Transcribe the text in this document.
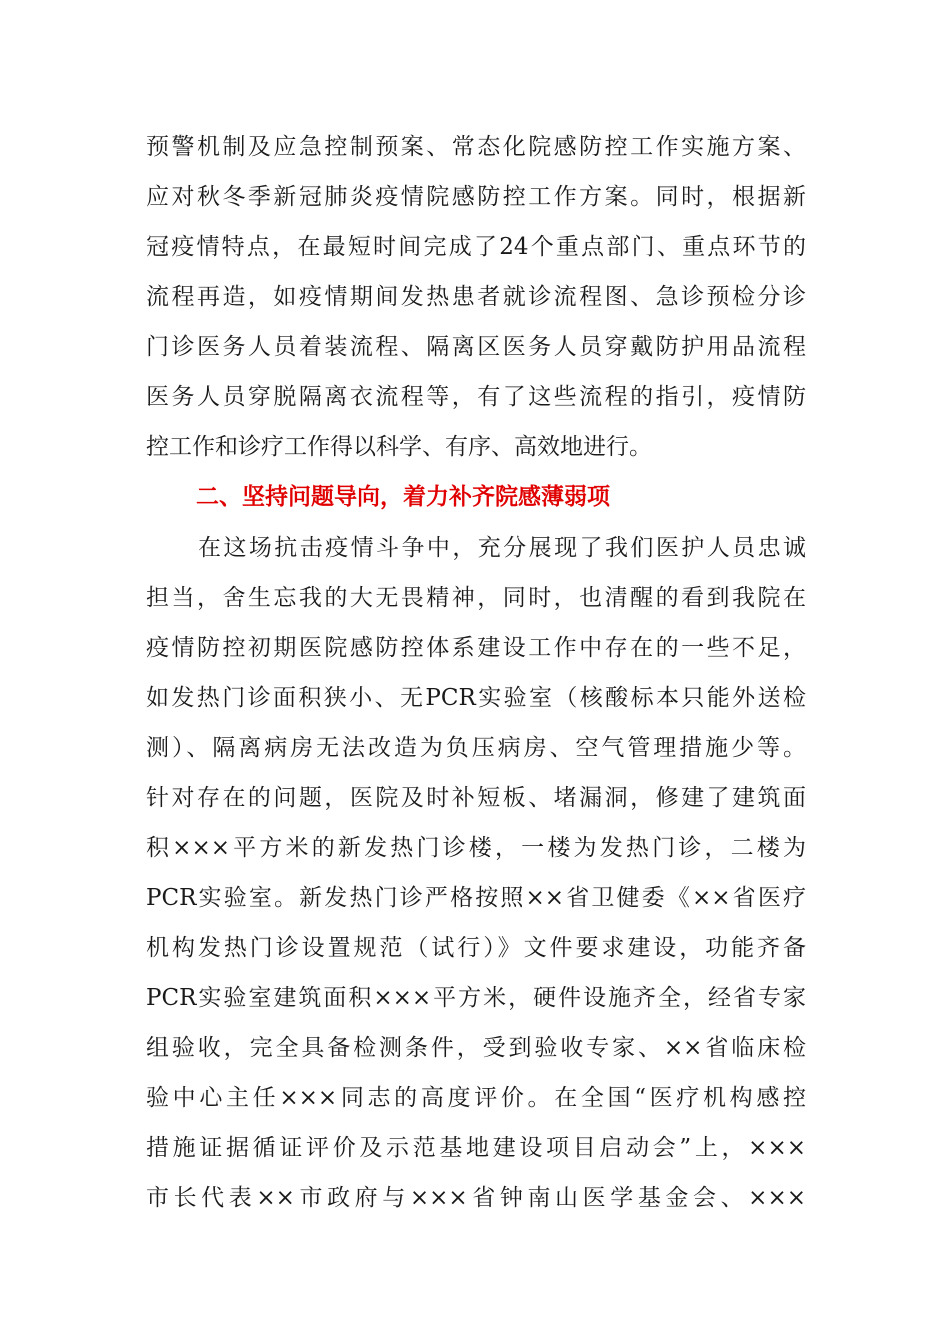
预警机制及应急控制预案、常态化院感防控工作实施方案、
应对秋冬季新冠肺炎疫情院感防控工作方案。同时，根据新
冠疫情特点，在最短时间完成了24个重点部门、重点环节的
流程再造，如疫情期间发热患者就诊流程图、急诊预检分诊
门诊医务人员着装流程、隔离区医务人员穿戴防护用品流程
医务人员穿脱隔离衣流程等，有了这些流程的指引，疫情防
控工作和诊疗工作得以科学、有序、高效地进行。
二、坚持问题导向，着力补齐院感薄弱项
在这场抗击疫情斗争中，充分展现了我们医护人员忠诚
担当，舍生忘我的大无畏精神，同时，也清醒的看到我院在
疫情防控初期医院感防控体系建设工作中存在的一些不足，
如发热门诊面积狭小、无PCR实验室（核酸标本只能外送检
测）、隔离病房无法改造为负压病房、空气管理措施少等。
针对存在的问题，医院及时补短板、堵漏洞，修建了建筑面
积×××平方米的新发热门诊楼，一楼为发热门诊，二楼为
PCR实验室。新发热门诊严格按照××省卫健委《××省医疗
机构发热门诊设置规范（试行）》文件要求建设，功能齐备
PCR实验室建筑面积×××平方米，硬件设施齐全，经省专家
组验收，完全具备检测条件，受到验收专家、××省临床检
验中心主任×××同志的高度评价。在全国“医疗机构感控
措施证据循证评价及示范基地建设项目启动会”上，×××
市长代表××市政府与×××省钟南山医学基金会、×××
